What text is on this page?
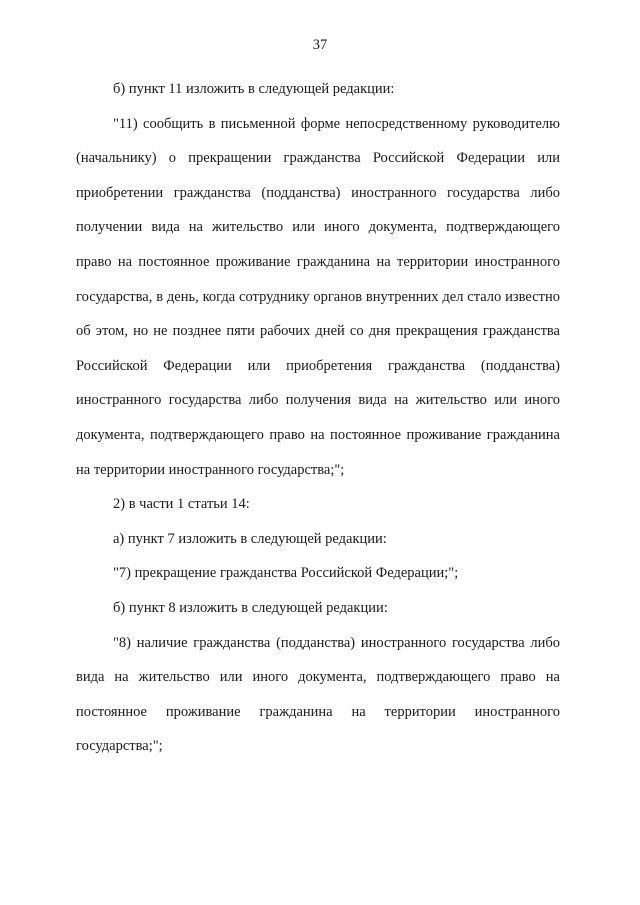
37

б) пункт 11 изложить в следующей редакции:

"11) сообщить в письменной форме непосредственному руководителю (начальнику) о прекращении гражданства Российской Федерации или приобретении гражданства (подданства) иностранного государства либо получении вида на жительство или иного документа, подтверждающего право на постоянное проживание гражданина на территории иностранного государства, в день, когда сотруднику органов внутренних дел стало известно об этом, но не позднее пяти рабочих дней со дня прекращения гражданства Российской Федерации или приобретения гражданства (подданства) иностранного государства либо получения вида на жительство или иного документа, подтверждающего право на постоянное проживание гражданина на территории иностранного государства;";

2) в части 1 статьи 14:

а) пункт 7 изложить в следующей редакции:

"7) прекращение гражданства Российской Федерации;";

б) пункт 8 изложить в следующей редакции:

"8) наличие гражданства (подданства) иностранного государства либо вида на жительство или иного документа, подтверждающего право на постоянное проживание гражданина на территории иностранного государства;";
